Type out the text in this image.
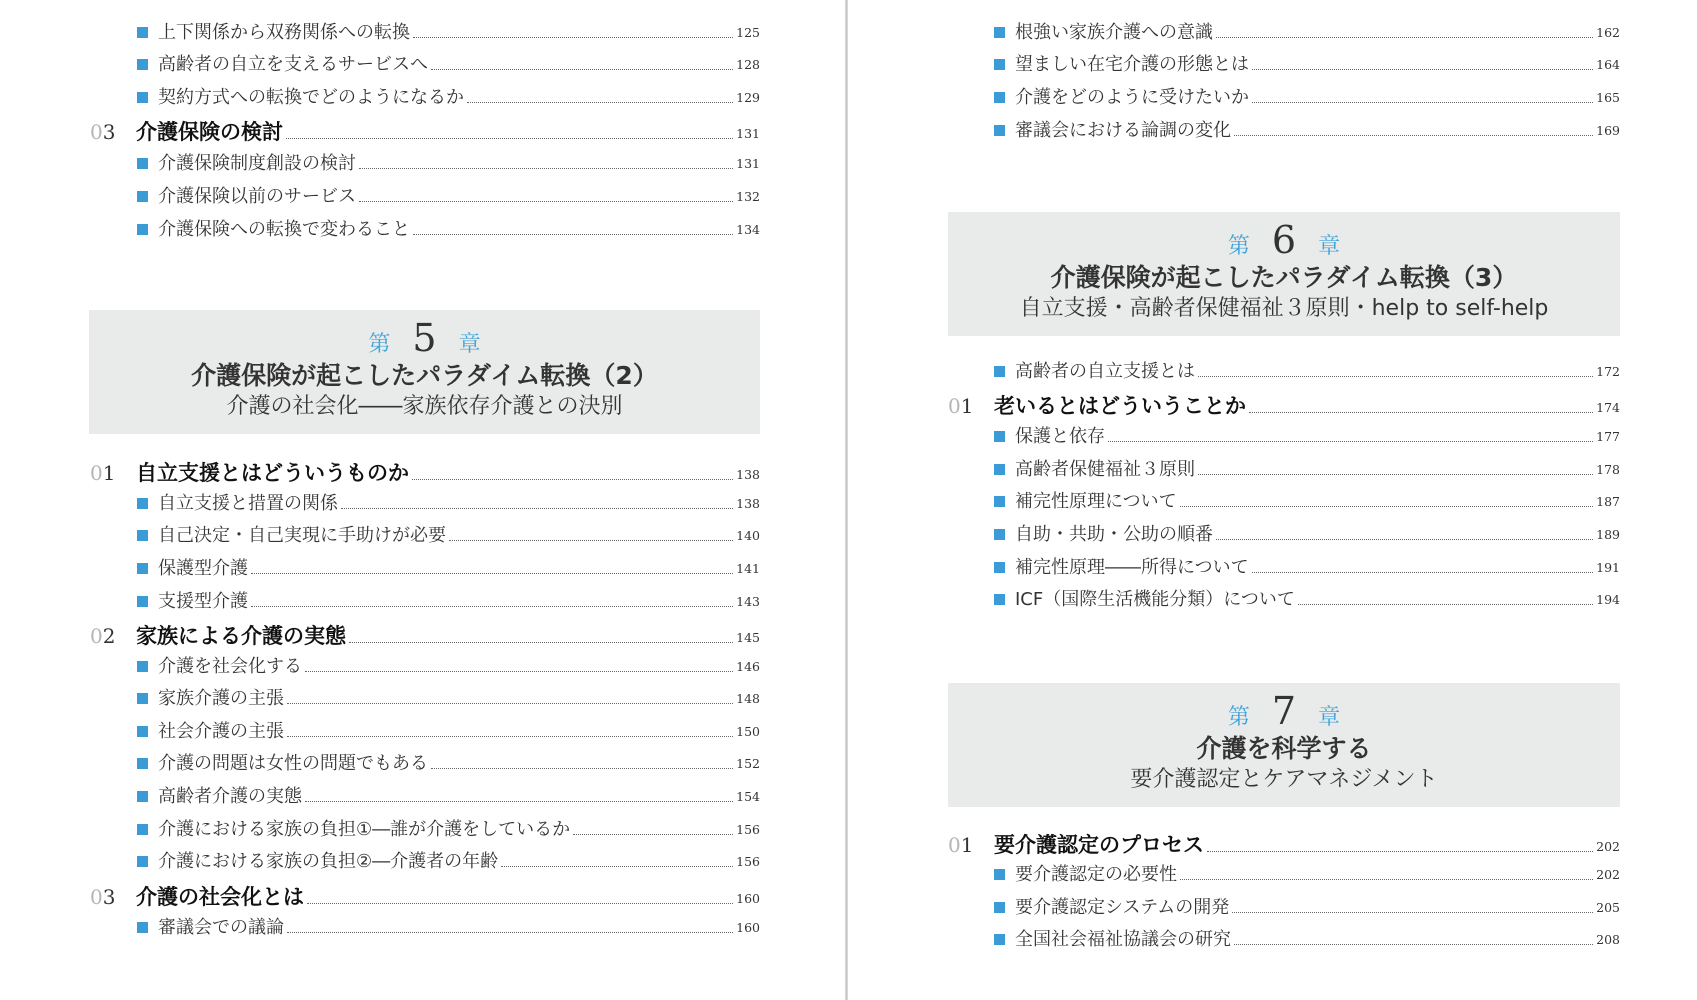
上下関係から双務関係への転換	125
高齢者の自立を支えるサービスへ	128
契約方式への転換でどのようになるか	129
03 介護保険の検討	131
介護保険制度創設の検討	131
介護保険以前のサービス	132
介護保険への転換で変わること	134
第 5 章
介護保険が起こしたパラダイム転換（2）
介護の社会化――家族依存介護との決別
01 自立支援とはどういうものか	138
自立支援と措置の関係	138
自己決定・自己実現に手助けが必要	140
保護型介護	141
支援型介護	143
02 家族による介護の実態	145
介護を社会化する	146
家族介護の主張	148
社会介護の主張	150
介護の問題は女性の問題でもある	152
高齢者介護の実態	154
介護における家族の負担①―誰が介護をしているか	156
介護における家族の負担②―介護者の年齢	156
03 介護の社会化とは	160
審議会での議論	160
根強い家族介護への意識	162
望ましい在宅介護の形態とは	164
介護をどのように受けたいか	165
審議会における論調の変化	169
第 6 章
介護保険が起こしたパラダイム転換（3）
自立支援・高齢者保健福祉３原則・help to self-help
高齢者の自立支援とは	172
01 老いるとはどういうことか	174
保護と依存	177
高齢者保健福祉３原則	178
補完性原理について	187
自助・共助・公助の順番	189
補完性原理――所得について	191
ICF（国際生活機能分類）について	194
第 7 章
介護を科学する
要介護認定とケアマネジメント
01 要介護認定のプロセス	202
要介護認定の必要性	202
要介護認定システムの開発	205
全国社会福祉協議会の研究	208
